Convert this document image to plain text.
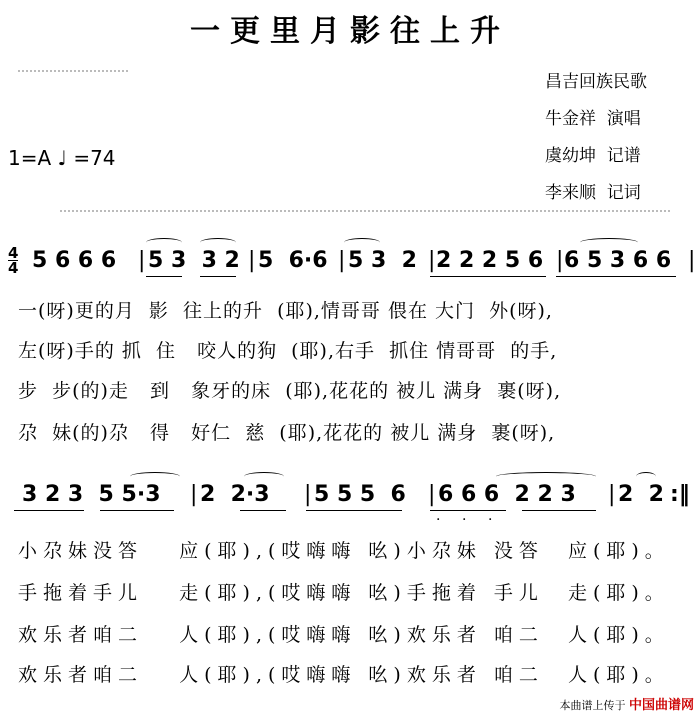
一更里月影往上升
昌吉回族民歌
牛金祥  演唱
虞幼坤  记谱
李来顺  记词
1=A ♩ =74
4
4 5 6 6 6 | 5 3  3 2 | 5  6·6 | 5 3  2 | 2 2 2 5 6 | 6 5 3 6 6 |
一(呀)更的月  影  往上的升  (耶),情哥哥 偎在 大门  外(呀),
左(呀)手的 抓  住   咬人的狗  (耶),右手  抓住 情哥哥  的手,
步  步(的)走   到   象牙的床  (耶),花花的 被儿 满身  裹(呀),
尕  妹(的)尕   得   好仁  慈  (耶),花花的 被儿 满身  裹(呀),
3 2 3  5 5·3 | 2  2·3 | 5 5 5  6 | 6 6 6  2 2 3 | 2  2 :‖
· · ·
小尕妹没答   应(耶),(哎嗨嗨 吆)小尕妹 没答  应(耶)。
手拖着手儿   走(耶),(哎嗨嗨 吆)手拖着 手儿  走(耶)。
欢乐者咱二   人(耶),(哎嗨嗨 吆)欢乐者 咱二  人(耶)。
欢乐者咱二   人(耶),(哎嗨嗨 吆)欢乐者 咱二  人(耶)。
本曲谱上传于 中国曲谱网
